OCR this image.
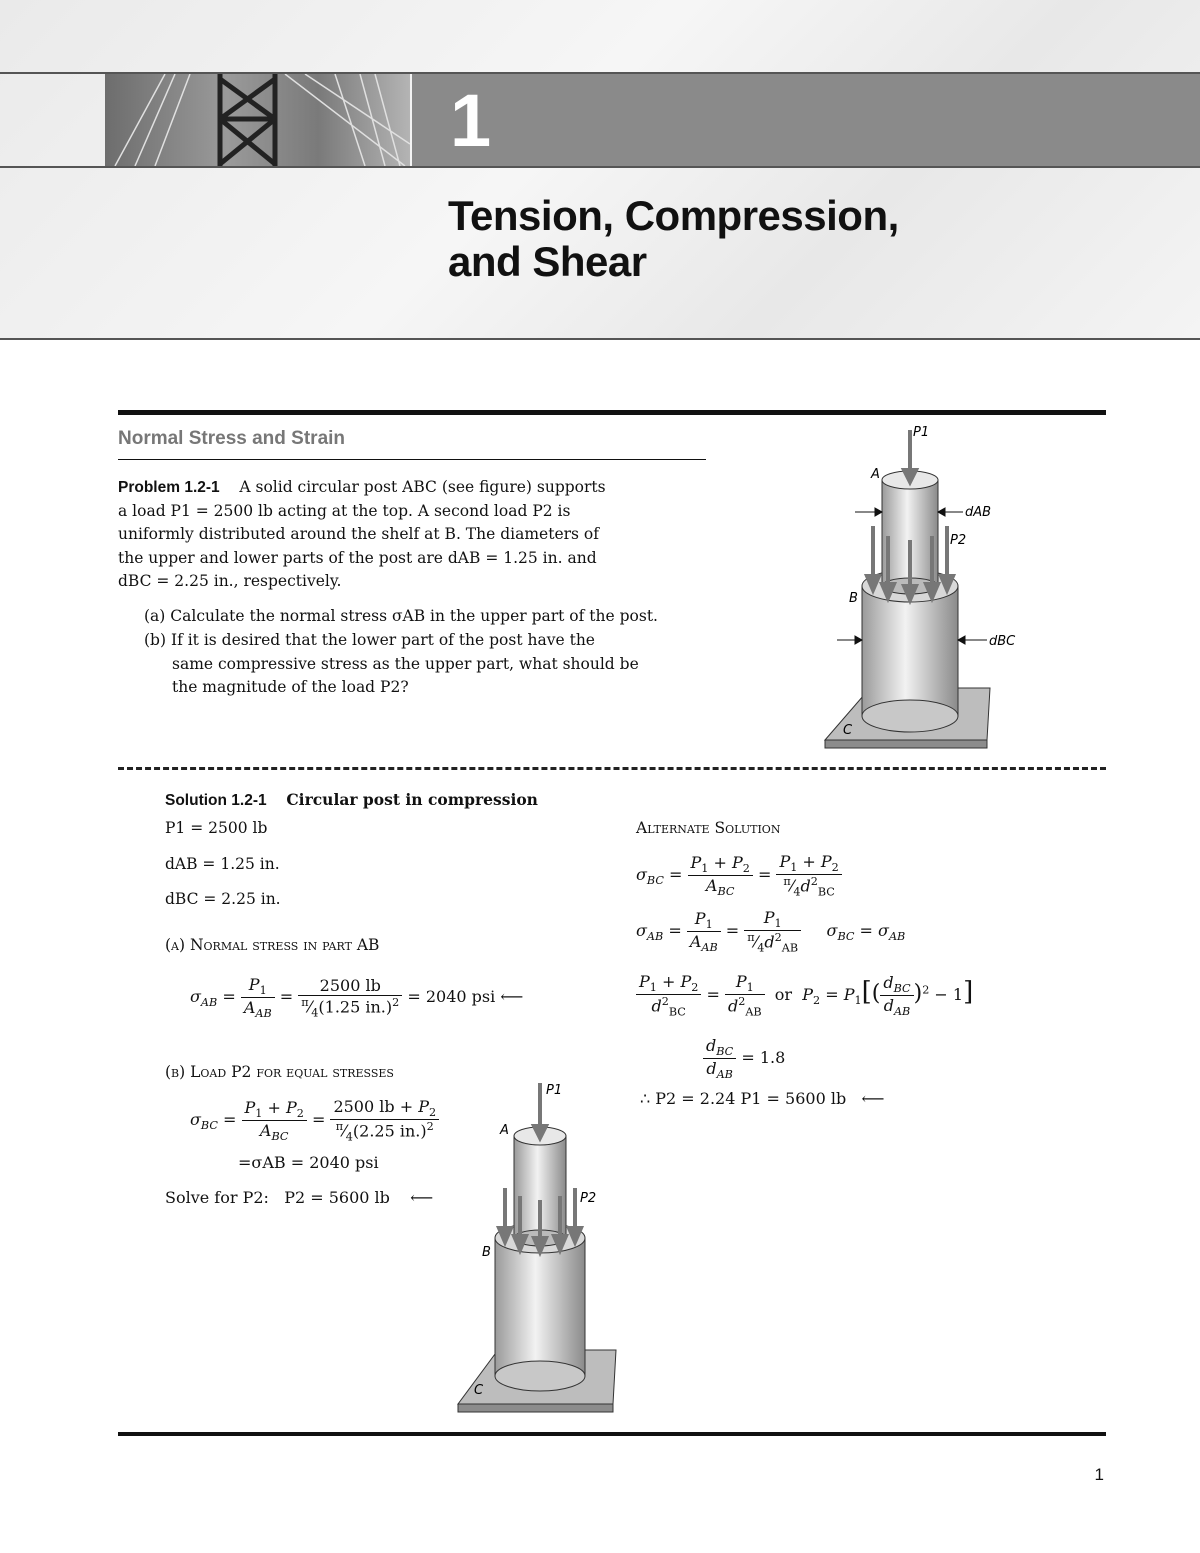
1
Tension, Compression,
and Shear
Normal Stress and Strain
Problem 1.2-1 A solid circular post ABC (see figure) supports
a load P1 = 2500 lb acting at the top. A second load P2 is
uniformly distributed around the shelf at B. The diameters of
the upper and lower parts of the post are dAB = 1.25 in. and
dBC = 2.25 in., respectively.
(a) Calculate the normal stress σAB in the upper part of the post.
(b) If it is desired that the lower part of the post have the
same compressive stress as the upper part, what should be
the magnitude of the load P2?
P1
A
dAB
P2
B
dBC
C
Solution 1.2-1 Circular post in compression
P1 = 2500 lb
dAB = 1.25 in.
dBC = 2.25 in.
(a) Normal stress in part AB
$\sigma_{AB} = \frac{P_1}{A_{AB}} = \frac{2500 lb}{^\pi⁄_4(1.25 in.)^2} = 2040$ psi ⟵
(b) Load P2 for equal stresses
$\sigma_{BC} = \frac{P_1 + P_2}{A_{BC}} = \frac{2500 lb + P_2}{^\pi⁄_4(2.25 in.)^2}$
=σAB = 2040 psi
Solve for P2: P2 = 5600 lb ⟵
P1
A
P2
B
C
Alternate Solution
$\sigma_{BC} = \frac{P_1 + P_2}{A_{BC}} = \frac{P_1 + P_2}{^\pi⁄_4d^2_{BC}}$
$\sigma_{AB} = \frac{P_1}{A_{AB}} = \frac{P_1}{^\pi⁄_4d^2_{AB}} \sigma_{BC} = \sigma_{AB}$
$\frac{P_1 + P_2}{d^2_{BC}} = \frac{P_1}{d^2_{AB}}$ or  $P_2 = P_1[( \frac{d_{BC}}{d_{AB}} )^2 - 1]$
$\frac{d_{BC}}{d_{AB}} = 1.8$
∴ P2 = 2.24 P1 = 5600 lb ⟵
1
